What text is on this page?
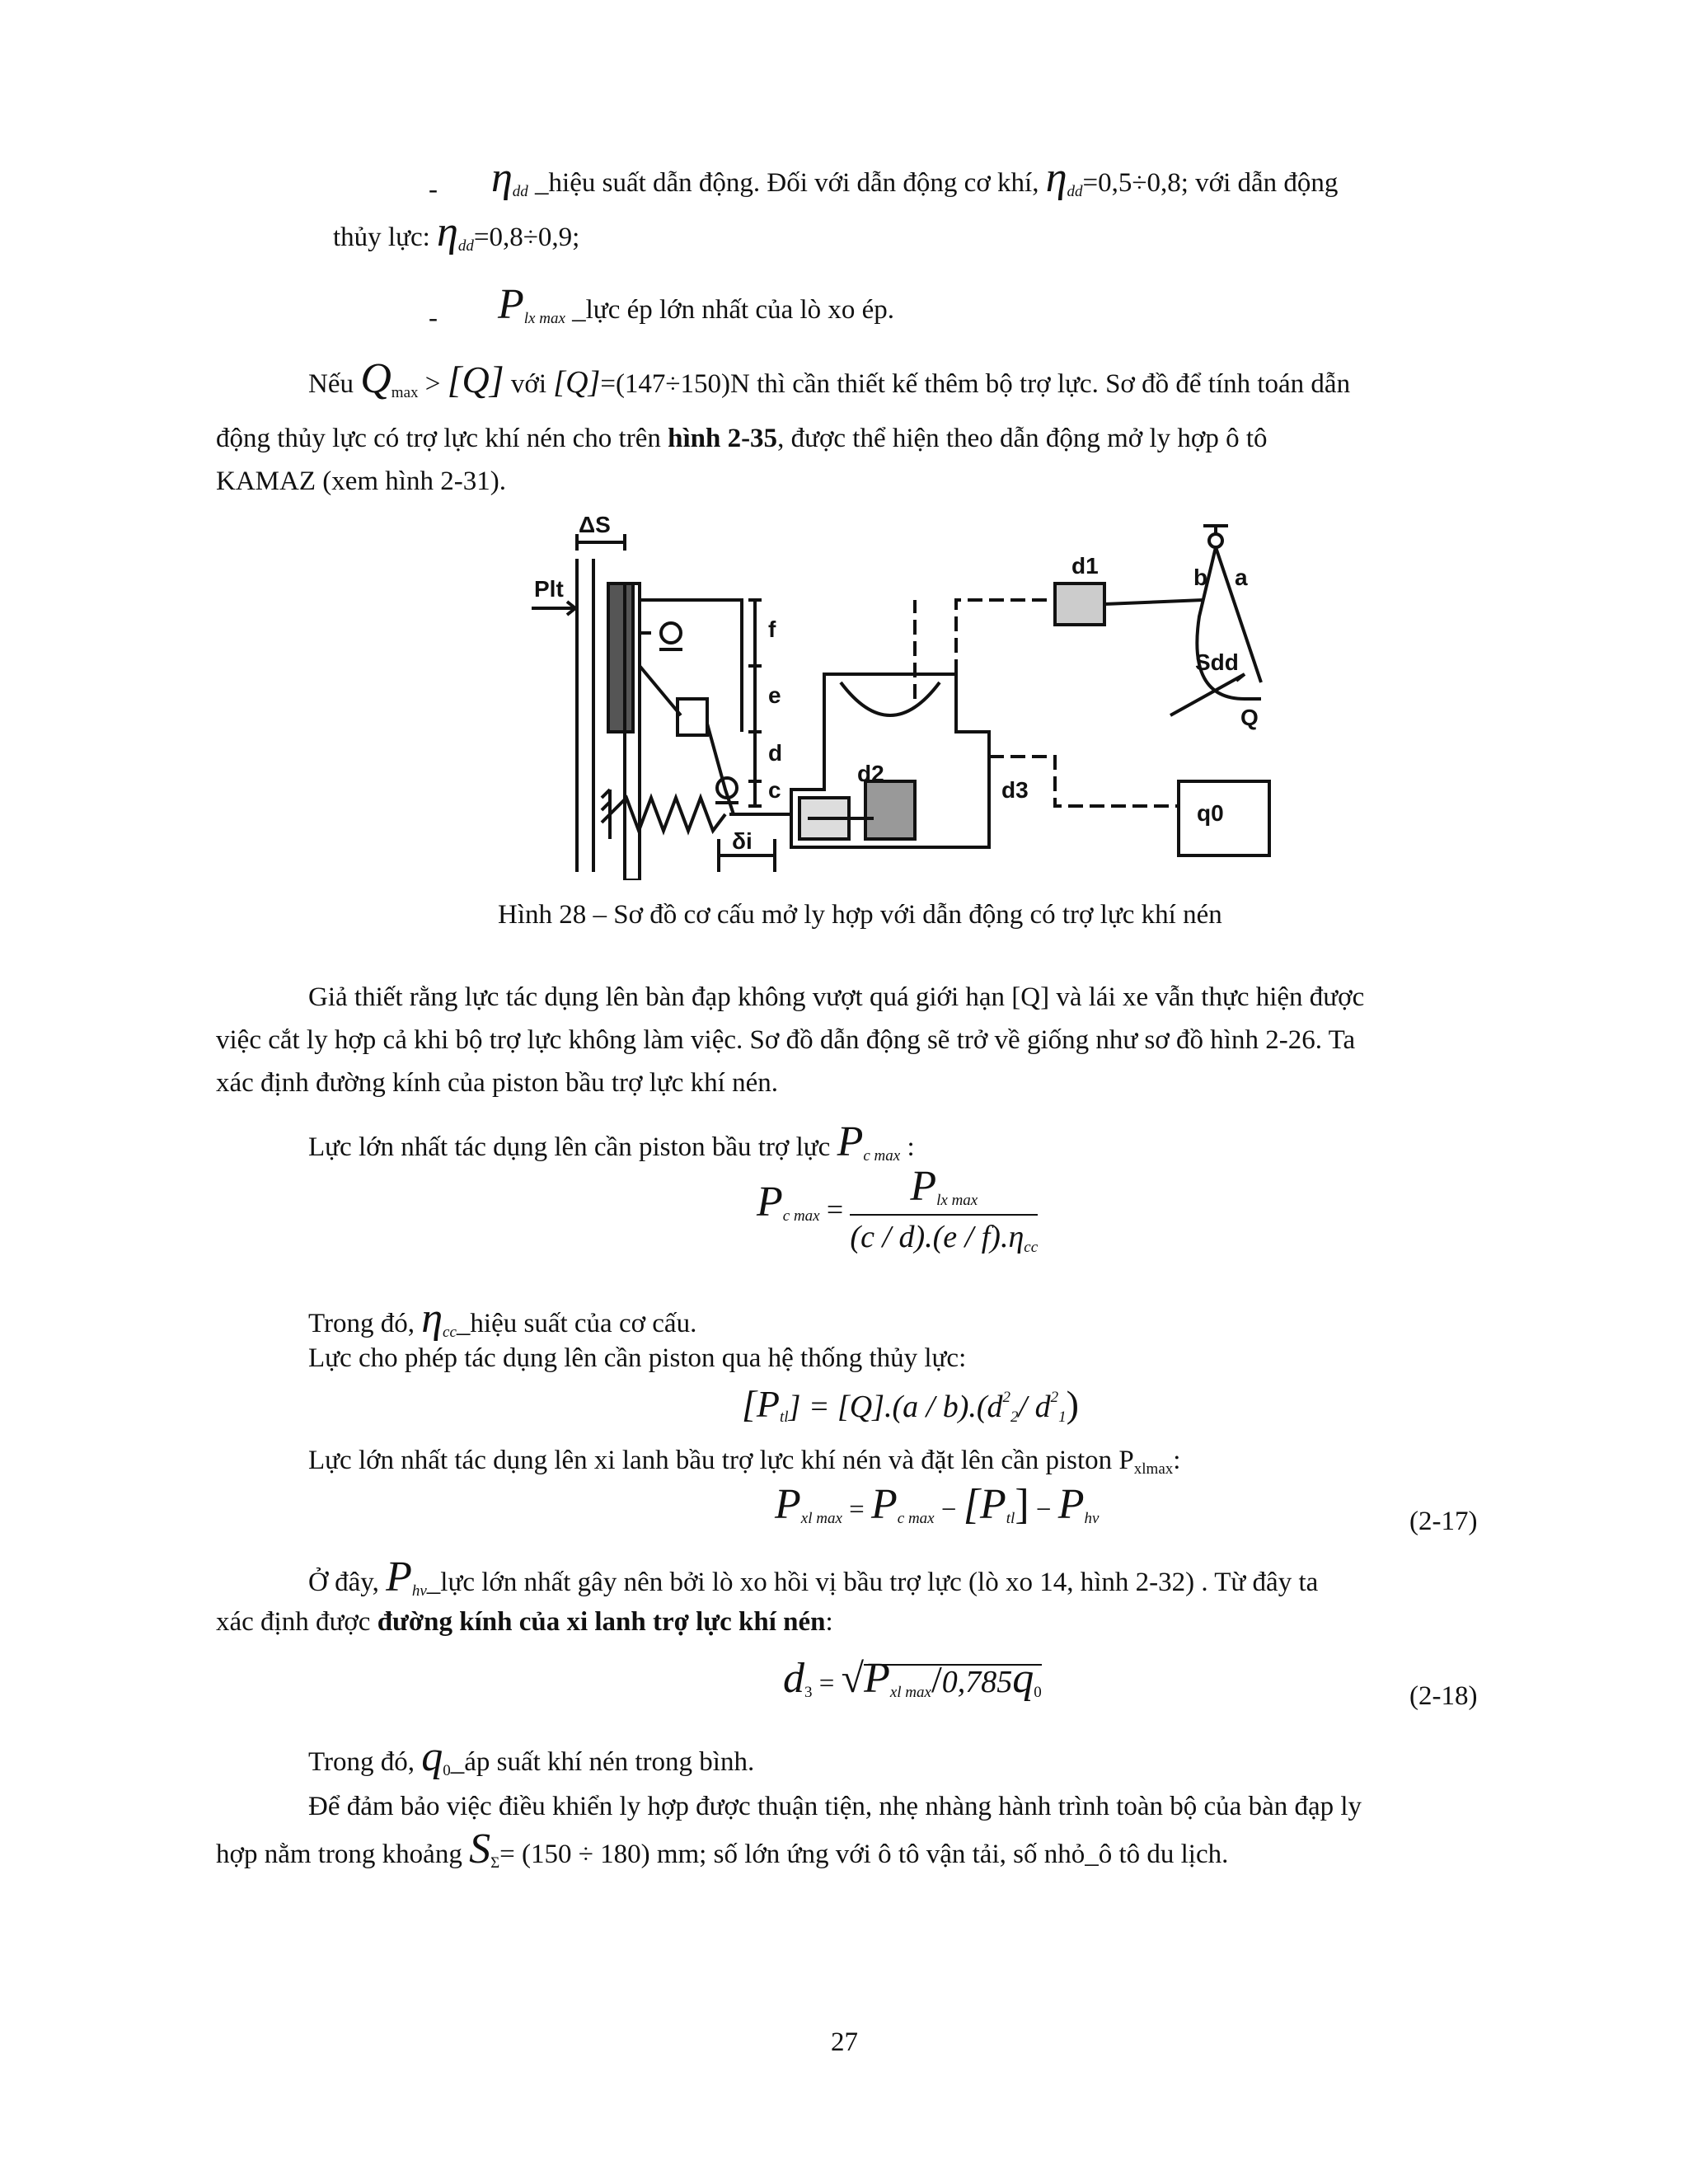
- $\eta_{dd}$ _hiệu suất dẫn động. Đối với dẫn động cơ khí, $\eta_{dd}=0,5\div 0,8$; với dẫn động
thủy lực: $\eta_{dd}=0,8\div 0,9$;
- $P_{lx max}$ _lực ép lớn nhất của lò xo ép.
Nếu $Q_{max} > [Q]$ với [Q]=(147÷150)N thì cần thiết kế thêm bộ trợ lực. Sơ đồ để tính toán dẫn
động thủy lực có trợ lực khí nén cho trên hình 2-35, được thể hiện theo dẫn động mở ly hợp ô tô
KAMAZ (xem hình 2-31).
ΔS
Plt
f
e
d
c
δi
d1	b a
Sdd
Q
d2
d3
q0
Hình 28 – Sơ đồ cơ cấu mở ly hợp với dẫn động có trợ lực khí nén
Giả thiết rằng lực tác dụng lên bàn đạp không vượt quá giới hạn [Q] và lái xe vẫn thực hiện được
việc cắt ly hợp cả khi bộ trợ lực không làm việc. Sơ đồ dẫn động sẽ trở về giống như sơ đồ hình 2-26. Ta
xác định đường kính của piston bầu trợ lực khí nén.
Lực lớn nhất tác dụng lên cần piston bầu trợ lực $P_{c max}$ :
$P_{c max} = \frac{P_{lx max}}{(c / d).(e / f).\eta_{cc}}$
Trong đó, $\eta_{cc}\_hiệu$ suất của cơ cấu.
Lực cho phép tác dụng lên cần piston qua hệ thống thủy lực:
$[P_{tl}] = [Q].(a / b).(d^2_2/$ $d^2_1$)
Lực lớn nhất tác dụng lên xi lanh bầu trợ lực khí nén và đặt lên cần piston $P_{xlmax}$:
$P_{xl max} = P_{c max} - [P_{tl}] - P_{hv}$	(2-17)
Ở đây, $P_{hv}\_lực$ lớn nhất gây nên bởi lò xo hồi vị bầu trợ lực (lò xo 14, hình 2-32) . Từ đây ta
xác định được đường kính của xi lanh trợ lực khí nén:
$d_3 = √P_{xl max}/0,785q_0$	(2-18)
Trong đó, $q_0\_áp$ suất khí nén trong bình.
Để đảm bảo việc điều khiển ly hợp được thuận tiện, nhẹ nhàng hành trình toàn bộ của bàn đạp ly
hợp nằm trong khoảng $S_\Sigma= (150 \div 180)$ mm; số lớn ứng với ô tô vận tải, số nhỏ_ô tô du lịch.
27
